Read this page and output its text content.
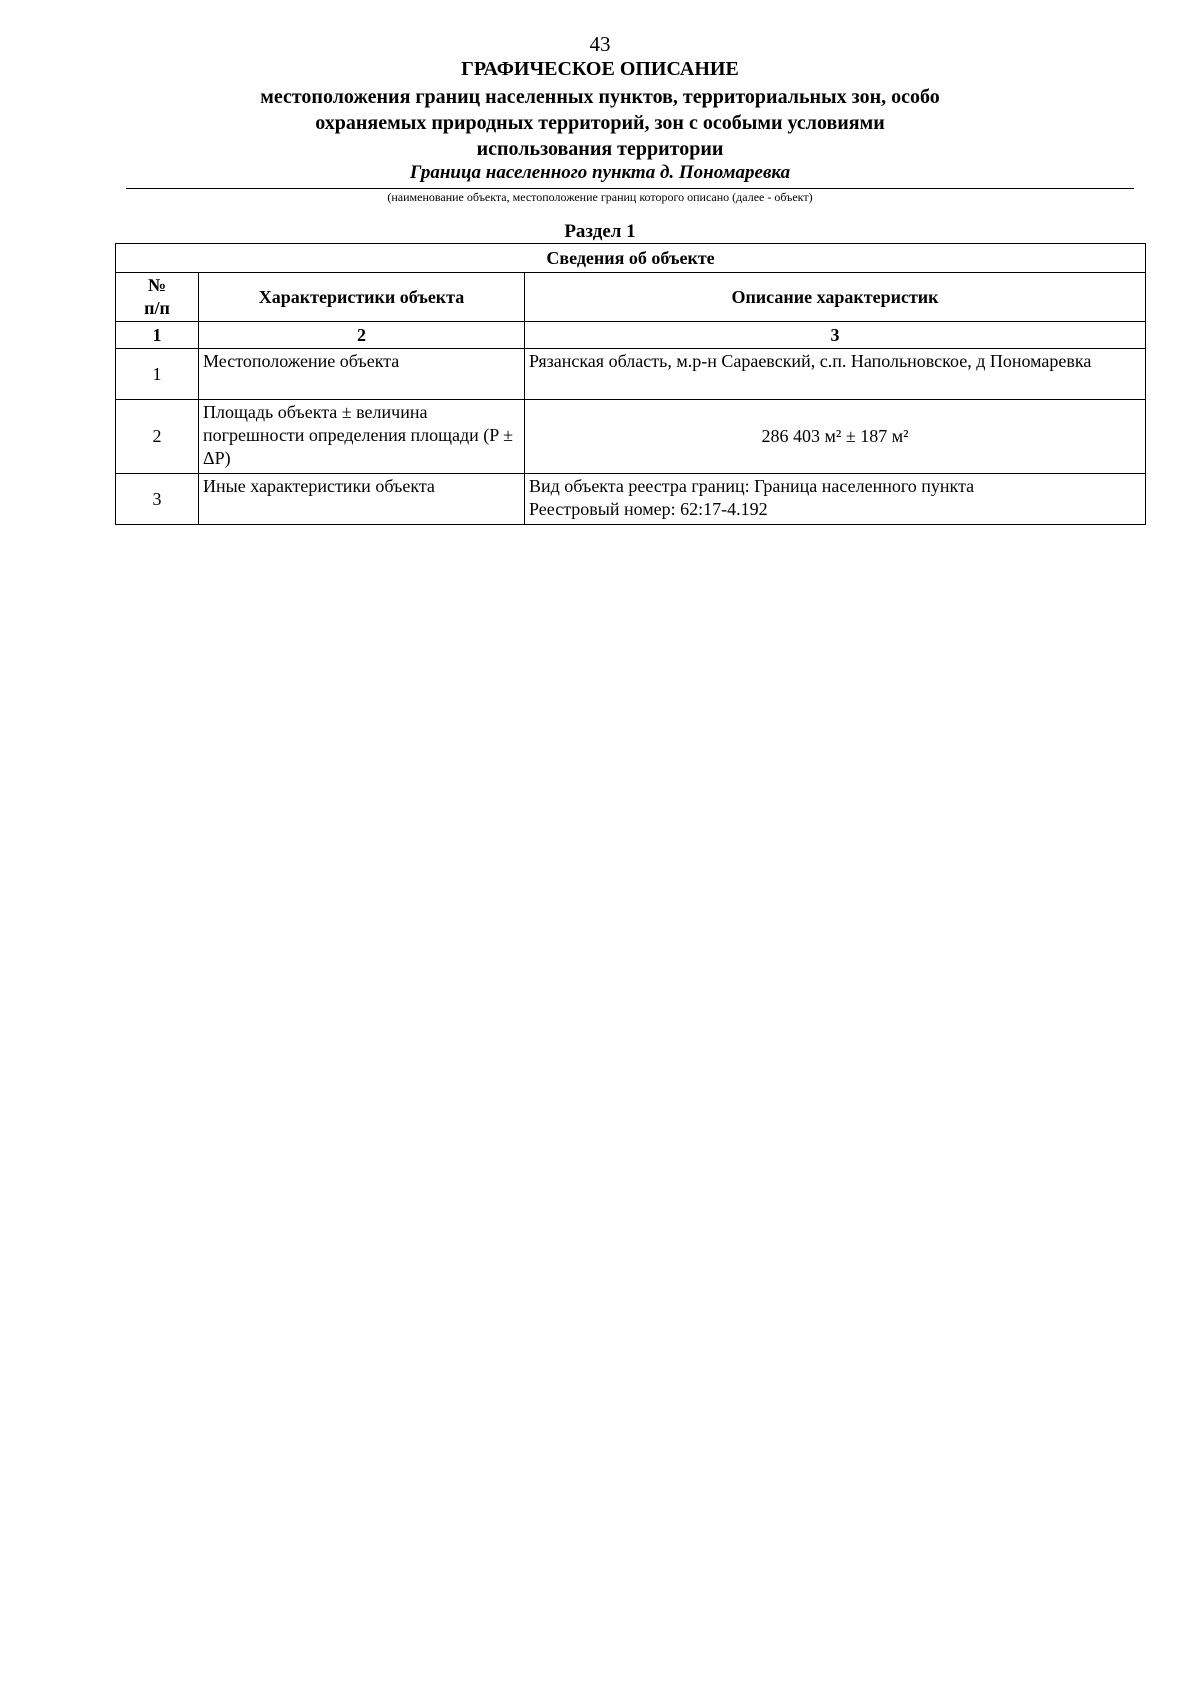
43
ГРАФИЧЕСКОЕ ОПИСАНИЕ
местоположения границ населенных пунктов, территориальных зон, особо охраняемых природных территорий, зон с особыми условиями использования территории
Граница населенного пункта д. Пономаревка
(наименование объекта, местоположение границ которого описано (далее - объект)
Раздел 1
Сведения об объекте		

№
п/п	Характеристики объекта	Описание характеристик
1	2	3
1	Местоположение объекта	Рязанская область, м.р-н Сараевский, с.п. Напольновское, д Пономаревка
2	Площадь объекта ± величина погрешности определения площади (P ± ΔP)	286 403 м² ± 187 м²
3	Иные характеристики объекта	Вид объекта реестра границ: Граница населенного пункта
Реестровый номер: 62:17-4.192
